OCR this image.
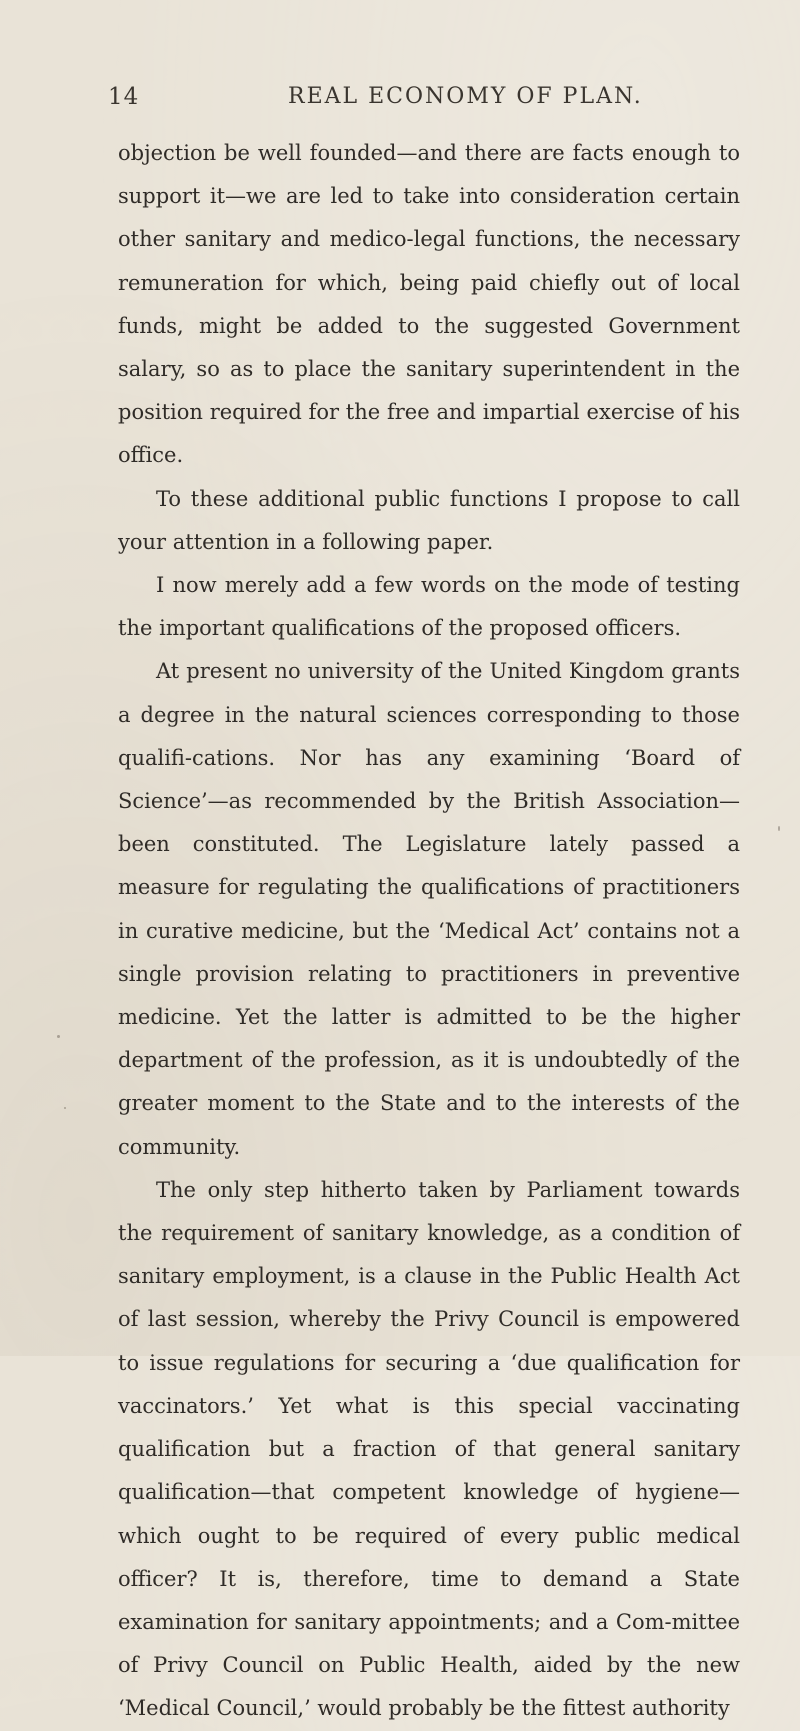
14	REAL ECONOMY OF PLAN.

objection be well founded—and there are facts enough to support it—we are led to take into consideration certain other sanitary and medico-legal functions, the necessary remuneration for which, being paid chiefly out of local funds, might be added to the suggested Government salary, so as to place the sanitary superintendent in the position required for the free and impartial exercise of his office.

To these additional public functions I propose to call your attention in a following paper.

I now merely add a few words on the mode of testing the important qualifications of the proposed officers.

At present no university of the United Kingdom grants a degree in the natural sciences corresponding to those qualifi-cations. Nor has any examining ‘Board of Science’—as recommended by the British Association—been constituted. The Legislature lately passed a measure for regulating the qualifications of practitioners in curative medicine, but the ‘Medical Act’ contains not a single provision relating to practitioners in preventive medicine. Yet the latter is admitted to be the higher department of the profession, as it is undoubtedly of the greater moment to the State and to the interests of the community.

The only step hitherto taken by Parliament towards the requirement of sanitary knowledge, as a condition of sanitary employment, is a clause in the Public Health Act of last session, whereby the Privy Council is empowered to issue regulations for securing a ‘due qualification for vaccinators.’ Yet what is this special vaccinating qualification but a fraction of that general sanitary qualification—that competent knowledge of hygiene—which ought to be required of every public medical officer? It is, therefore, time to demand a State examination for sanitary appointments; and a Com-mittee of Privy Council on Public Health, aided by the new ‘Medical Council,’ would probably be the fittest authority
